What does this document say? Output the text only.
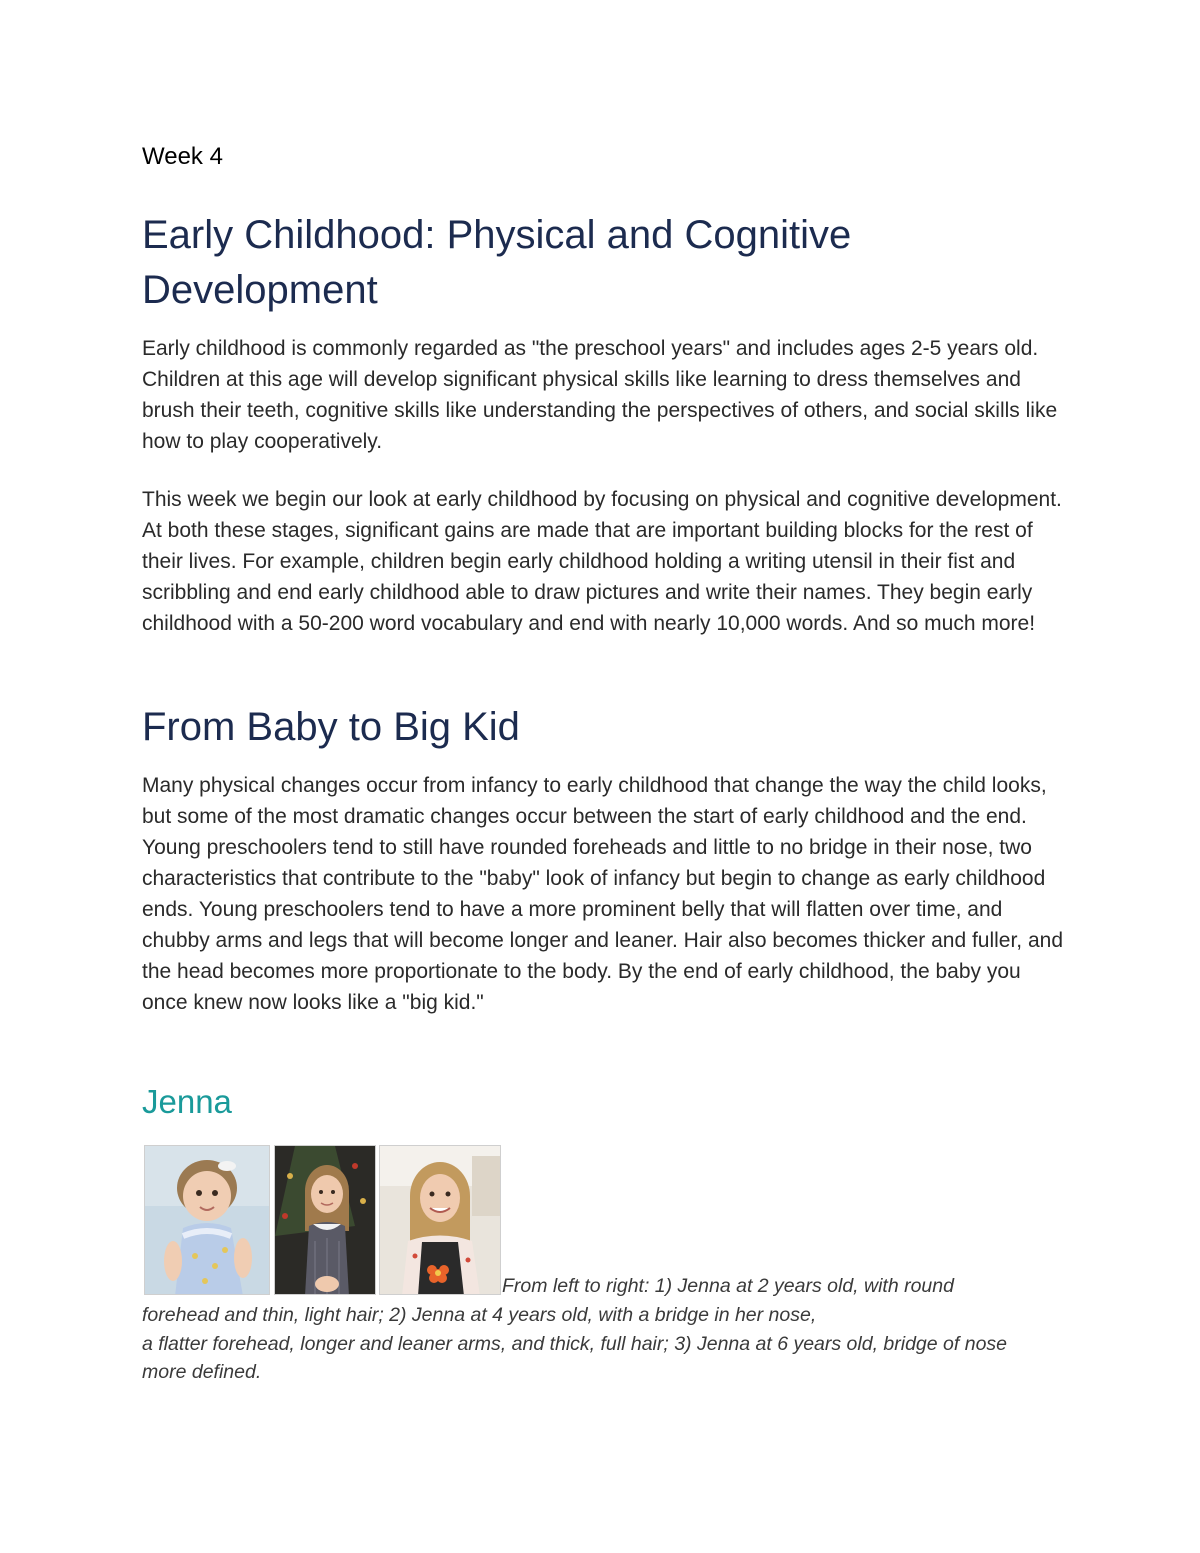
Week 4

Early Childhood: Physical and Cognitive Development

Early childhood is commonly regarded as "the preschool years" and includes ages 2-5 years old. Children at this age will develop significant physical skills like learning to dress themselves and brush their teeth, cognitive skills like understanding the perspectives of others, and social skills like how to play cooperatively.

This week we begin our look at early childhood by focusing on physical and cognitive development. At both these stages, significant gains are made that are important building blocks for the rest of their lives. For example, children begin early childhood holding a writing utensil in their fist and scribbling and end early childhood able to draw pictures and write their names. They begin early childhood with a 50-200 word vocabulary and end with nearly 10,000 words. And so much more!

From Baby to Big Kid

Many physical changes occur from infancy to early childhood that change the way the child looks, but some of the most dramatic changes occur between the start of early childhood and the end. Young preschoolers tend to still have rounded foreheads and little to no bridge in their nose, two characteristics that contribute to the "baby" look of infancy but begin to change as early childhood ends. Young preschoolers tend to have a more prominent belly that will flatten over time, and chubby arms and legs that will become longer and leaner. Hair also becomes thicker and fuller, and the head becomes more proportionate to the body. By the end of early childhood, the baby you once knew now looks like a "big kid."

Jenna

From left to right: 1) Jenna at 2 years old, with round
forehead and thin, light hair; 2) Jenna at 4 years old, with a bridge in her nose,
a flatter forehead, longer and leaner arms, and thick, full hair; 3) Jenna at 6 years old, bridge of nose
more defined.
